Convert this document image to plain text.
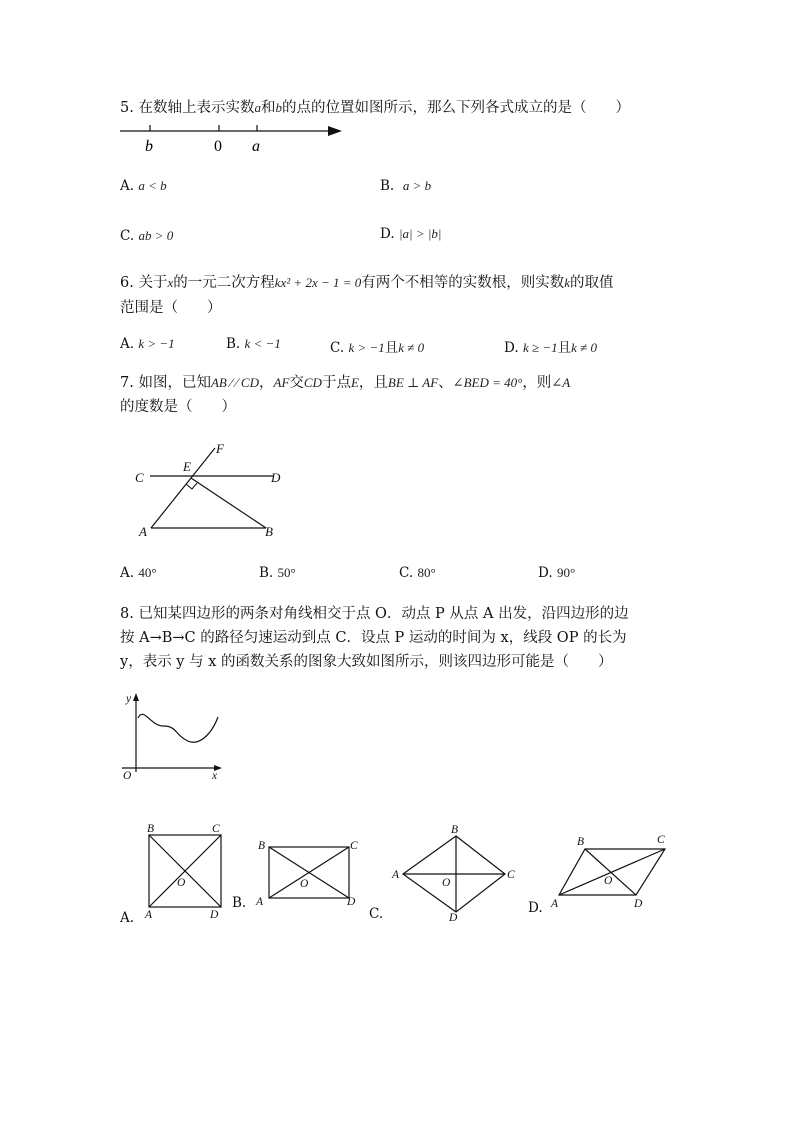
5. 在数轴上表示实数a和b的点的位置如图所示，那么下列各式成立的是（　　）
b	0 a
A. a < b	B. a > b
C. ab > 0	D. |a| > |b|
6. 关于x的一元二次方程kx² + 2x − 1 = 0有两个不相等的实数根，则实数k的取值
范围是（　　）
A. k > −1	B. k < −1	C. k > −1且k ≠ 0	D. k ≥ −1且k ≠ 0
7. 如图，已知AB ∕ ∕ CD，AF交CD于点E，且BE ⊥ AF、∠BED = 40°，则∠A
的度数是（　　）
C
E
F
D
A	B
A. 40°	B. 50°	C. 80°	D. 90°
8. 已知某四边形的两条对角线相交于点 O．动点 P 从点 A 出发，沿四边形的边
按 A→B→C 的路径匀速运动到点 C．设点 P 运动的时间为 x，线段 OP 的长为
y，表示 y 与 x 的函数关系的图象大致如图所示，则该四边形可能是（　　）
y
O	x
A.
B	C
O
A	D
B.
B	C
O
A	D
C.
B
A
O
C
D
D.
B	C
O
A	D
